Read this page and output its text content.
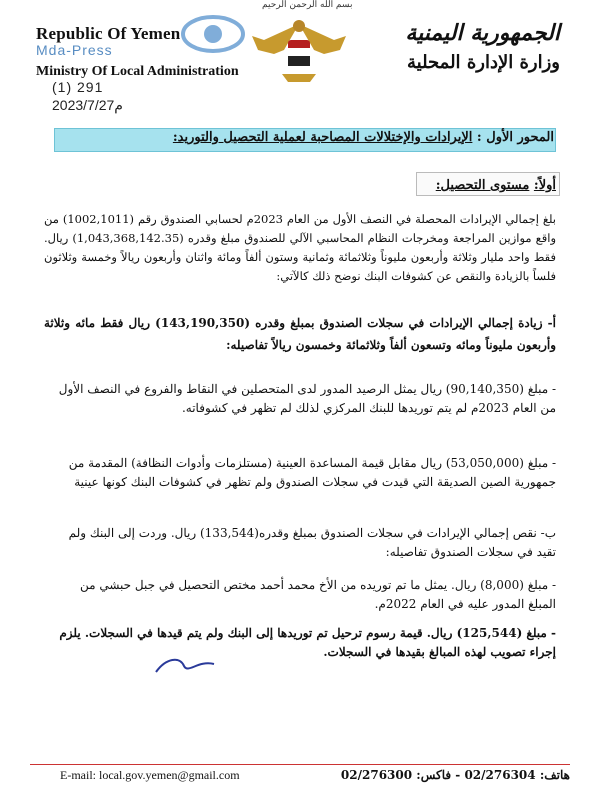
Republic Of Yemen
Ministry Of Local Administration
Mda-Press
بسم الله الرحمن الرحيم
الجمهورية اليمنية
وزارة الإدارة المحلية
(1) 291
2023/7/27م
المحور الأول : الإيرادات والإختلالات المصاحبة لعملية التحصيل والتوريد:
أولاً: مستوى التحصيل:
بلغ إجمالي الإيرادات المحصلة في النصف الأول من العام 2023م لحسابي الصندوق رقم (1002,1011) من واقع موازين المراجعة ومخرجات النظام المحاسبي الآلي للصندوق مبلغ وقدره (1,043,368,142.35) ريال. فقط واحد مليار وثلاثة وأربعون مليوناً وثلاثمائة وثمانية وستون ألفاً ومائة واثنان وأربعون ريالاً وخمسة وثلاثون فلساً بالزيادة والنقص عن كشوفات البنك نوضح ذلك كالآتي:
أ- زيادة إجمالي الإيرادات في سجلات الصندوق بمبلغ وقدره (143,190,350) ريال فقط مائه وثلاثة وأربعون مليوناً ومائه وتسعون ألفاً وثلاثمائة وخمسون ريالاً تفاصيله:
- مبلغ (90,140,350) ريال يمثل الرصيد المدور لدى المتحصلين في النقاط والفروع في النصف الأول من العام 2023م لم يتم توريدها للبنك المركزي لذلك لم تظهر في كشوفاته.
- مبلغ (53,050,000) ريال مقابل قيمة المساعدة العينية (مستلزمات وأدوات النظافة) المقدمة من جمهورية الصين الصديقة التي قيدت في سجلات الصندوق ولم تظهر في كشوفات البنك كونها عينية
ب- نقص إجمالي الإيرادات في سجلات الصندوق بمبلغ وقدره(133,544) ريال. وردت إلى البنك ولم تقيد في سجلات الصندوق تفاصيله:
- مبلغ (8,000) ريال. يمثل ما تم توريده من الأخ محمد أحمد مختص التحصيل في جبل حبشي من المبلغ المدور عليه في العام 2022م.
- مبلغ (125,544) ريال. قيمة رسوم ترحيل تم توريدها إلى البنك ولم يتم قيدها في السجلات. يلزم إجراء تصويب لهذه المبالغ بقيدها في السجلات.
E-mail: local.gov.yemen@gmail.com	هاتف: 02/276304 - فاكس: 02/276300
